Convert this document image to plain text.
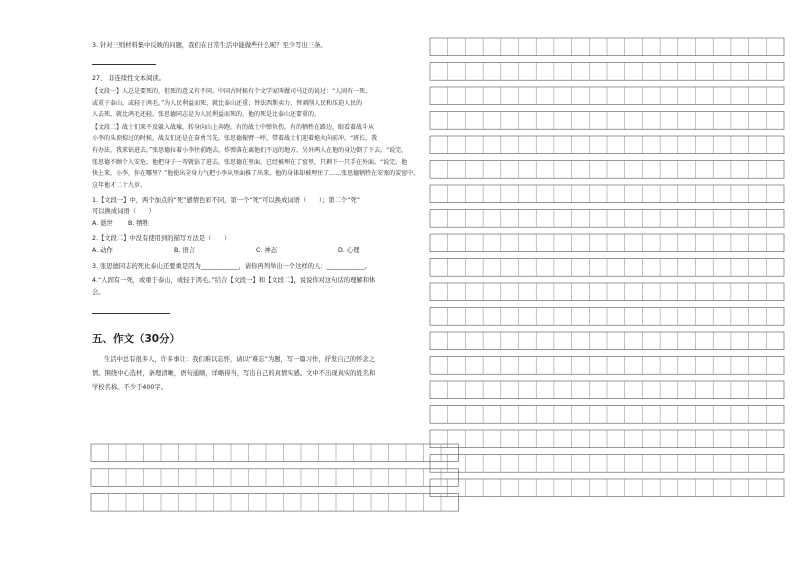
3. 针对三则材料集中反映的问题，我们在日常生活中能做些什么呢？至少写出三条。
27、 非连续性文本阅读。
【文段一】人总是要死的，但死的意义有不同。中国古时候有个文学家叫做司马迁的说过：“人固有一死，
或重于泰山，或轻于鸿毛。”为人民利益而死，就比泰山还重；替法西斯卖力，替剥削人民和压迫人民的
人去死，就比鸿毛还轻。张思德同志是为人民利益而死的，他的死是比泰山还要重的。
【文段二】战士们来不及躲入战壕，转身向山上奔跑。有的战士中弹负伤，有的牺牲在路边，眼看着战斗从
小李的头顶掠过的时候，战友们还是在奋勇当先。张思德振臂一呼，带着战士们迎着炮火向前冲。“班长，我
有办法，我来钻进去。”张思德拉着小李往前跑去，炸弹落在离他们不远的地方，另外两人在他的身边倒了下去。“说完，
张思德不顾个人安危，他把身子一弯就钻了进去。张思德在里面，已经被埋在了窑里，只剩下一只手在外面。“说完，他
快上来，小李，你在哪里？”他使出全身力气把小李从里面推了出来，他的身体却被埋住了……张思德牺牲在安塞的炭窑中，
这年他才二十九岁。
1.【文段一】中，两个加点的“死”感情色彩不同，第一个“死”可以换成词语（　　）；第二个“死”
可以换成词语（　　）
A. 逝世	B. 牺牲
2.【文段二】中没有使用到的描写方法是（　　）
A. 动作	B. 语言	C. 神态	D. 心理
3. 张思德同志的死比泰山还要重是因为____________，请你再列举出一个这样的人：____________。
4.“人固有一死，或重于泰山，或轻于鸿毛。”结合【文段一】和【文段二】，说说你对这句话的理解和体
会。
五、作文（30分）
生活中总有很多人，许多事让：我们难以忘怀，请以“难忘”为题，写一篇习作，抒发自己的怀念之
情。围绕中心选材，条理清晰，语句通顺，详略得当，写出自己的真情实感。文中不出现真实的姓名和
学校名称。不少于400字。
